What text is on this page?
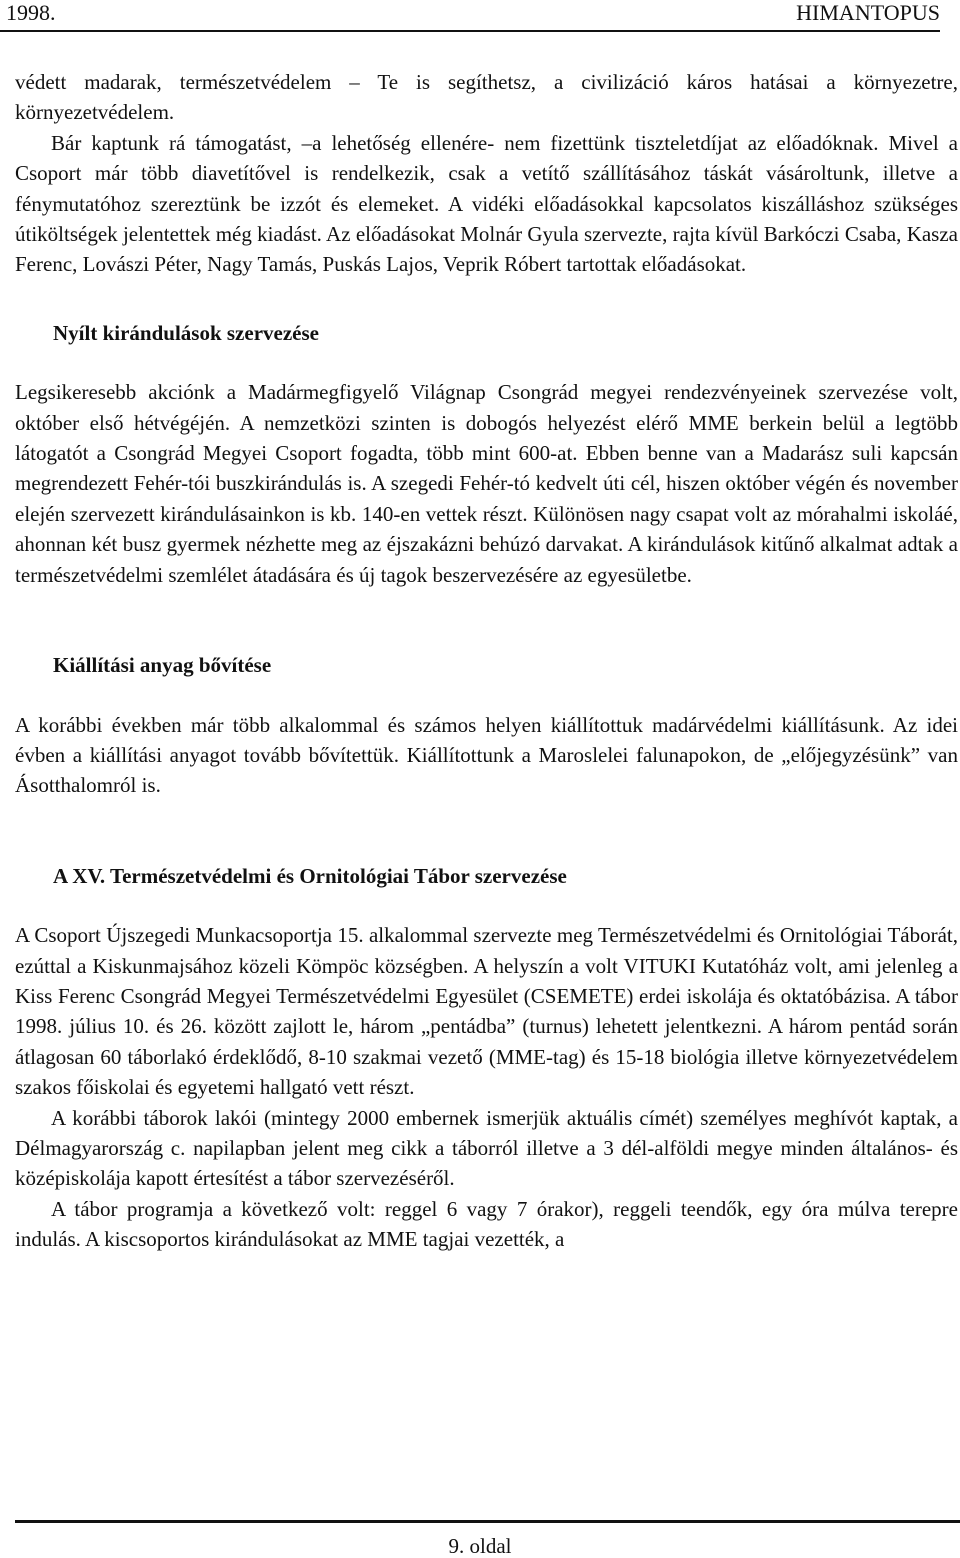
1998.	HIMANTOPUS

védett madarak, természetvédelem – Te is segíthetsz, a civilizáció káros hatásai a környezetre, környezetvédelem.

Bár kaptunk rá támogatást, –a lehetőség ellenére- nem fizettünk tiszteletdíjat az előadóknak. Mivel a Csoport már több diavetítővel is rendelkezik, csak a vetítő szállításához táskát vásároltunk, illetve a fénymutatóhoz szereztünk be izzót és elemeket. A vidéki előadásokkal kapcsolatos kiszálláshoz szükséges útiköltségek jelentettek még kiadást. Az előadásokat Molnár Gyula szervezte, rajta kívül Barkóczi Csaba, Kasza Ferenc, Lovászi Péter, Nagy Tamás, Puskás Lajos, Veprik Róbert tartottak előadásokat.

Nyílt kirándulások szervezése

Legsikeresebb akciónk a Madármegfigyelő Világnap Csongrád megyei rendezvényeinek szervezése volt, október első hétvégéjén. A nemzetközi szinten is dobogós helyezést elérő MME berkein belül a legtöbb látogatót a Csongrád Megyei Csoport fogadta, több mint 600-at. Ebben benne van a Madarász suli kapcsán megrendezett Fehér-tói buszkirándulás is. A szegedi Fehér-tó kedvelt úti cél, hiszen október végén és november elején szervezett kirándulásainkon is kb. 140-en vettek részt. Különösen nagy csapat volt az mórahalmi iskoláé, ahonnan két busz gyermek nézhette meg az éjszakázni behúzó darvakat. A kirándulások kitűnő alkalmat adtak a természetvédelmi szemlélet átadására és új tagok beszervezésére az egyesületbe.

Kiállítási anyag bővítése

A korábbi években már több alkalommal és számos helyen kiállítottuk madárvédelmi kiállításunk. Az idei évben a kiállítási anyagot tovább bővítettük. Kiállítottunk a Maroslelei falunapokon, de „előjegyzésünk” van Ásotthalomról is.

A XV. Természetvédelmi és Ornitológiai Tábor szervezése

A Csoport Újszegedi Munkacsoportja 15. alkalommal szervezte meg Természetvédelmi és Ornitológiai Táborát, ezúttal a Kiskunmajsához közeli Kömpöc községben. A helyszín a volt VITUKI Kutatóház volt, ami jelenleg a Kiss Ferenc Csongrád Megyei Természetvédelmi Egyesület (CSEMETE) erdei iskolája és oktatóbázisa. A tábor 1998. július 10. és 26. között zajlott le, három „pentádba” (turnus) lehetett jelentkezni. A három pentád során átlagosan 60 táborlakó érdeklődő, 8-10 szakmai vezető (MME-tag) és 15-18 biológia illetve környezetvédelem szakos főiskolai és egyetemi hallgató vett részt.

A korábbi táborok lakói (mintegy 2000 embernek ismerjük aktuális címét) személyes meghívót kaptak, a Délmagyarország c. napilapban jelent meg cikk a táborról illetve a 3 dél-alföldi megye minden általános- és középiskolája kapott értesítést a tábor szervezéséről.

A tábor programja a következő volt: reggel 6 vagy 7 órakor), reggeli teendők, egy óra múlva terepre indulás. A kiscsoportos kirándulásokat az MME tagjai vezették, a

9. oldal
